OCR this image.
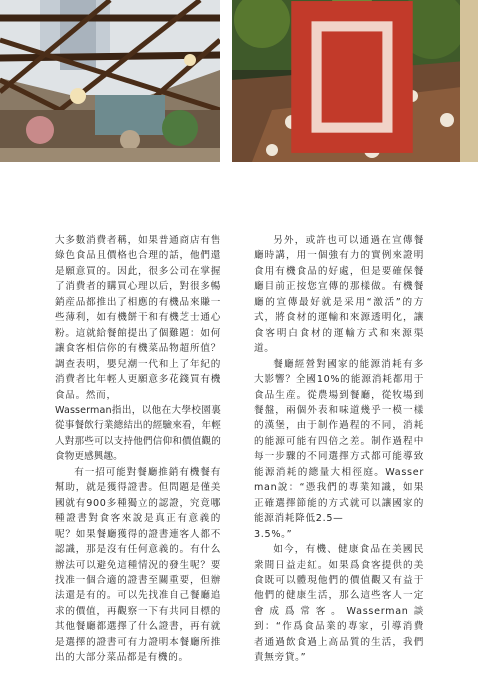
大多數消費者稱，如果普通商店有售綠色食品且價格也合理的話，他們還是願意買的。因此，很多公司在掌握了消費者的購買心理以后，對很多暢銷産品都推出了相應的有機品來賺一些薄利，如有機餅干和有機芝士通心粉。這就給餐館提出了個難題：如何讓食客相信你的有機菜品物超所值？調查表明，嬰兒潮一代和上了年紀的消費者比年輕人更願意多花錢買有機食品。然而，

Wasserman指出，以他在大學校園裏從事餐飲行業總結出的經驗來看，年輕人對那些可以支持他們信仰和價值觀的食物更感興趣。

有一招可能對餐廳推銷有機餐有幫助，就是獲得證書。但問題是僅美國就有900多種獨立的認證，究竟哪種證書對食客來說是真正有意義的呢？如果餐廳獲得的證書連客人都不認識，那是沒有任何意義的。有什么辦法可以避免這種情況的發生呢？要找准一個合適的證書至關重要，但辦法還是有的。可以先找准自己餐廳追求的價值，再觀察一下有共同目標的其他餐廳都選擇了什么證書，再有就是選擇的證書可有力證明本餐廳所推出的大部分菜品都是有機的。

另外，或許也可以通過在宣傳餐廳時講，用一個強有力的實例來證明食用有機食品的好處，但是要確保餐廳目前正按您宣傳的那樣做。有機餐廳的宣傳最好就是采用“激活”的方式，將食材的運輸和來源透明化，讓食客明白食材的運輸方式和來源渠道。

餐廳經營對國家的能源消耗有多大影響？全國10%的能源消耗都用于食品生産。從農場到餐廳，從牧場到餐盤，兩個外表和味道幾乎一模一樣的漢堡，由于制作過程的不同，消耗的能源可能有四倍之差。制作過程中每一步驟的不同選擇方式都可能導致能源消耗的總量大相徑庭。Wasserman說：“憑我們的專業知識，如果正確選擇節能的方式就可以讓國家的能源消耗降低2.5—

3.5%。”

如今，有機、健康食品在美國民衆間日益走紅。如果爲食客提供的美食既可以體現他們的價值觀又有益于他們的健康生活，那么這些客人一定會成爲常客。Wasserman談到：“作爲食品業的專家，引導消費者通過飲食過上高品質的生活，我們責無旁貸。”
